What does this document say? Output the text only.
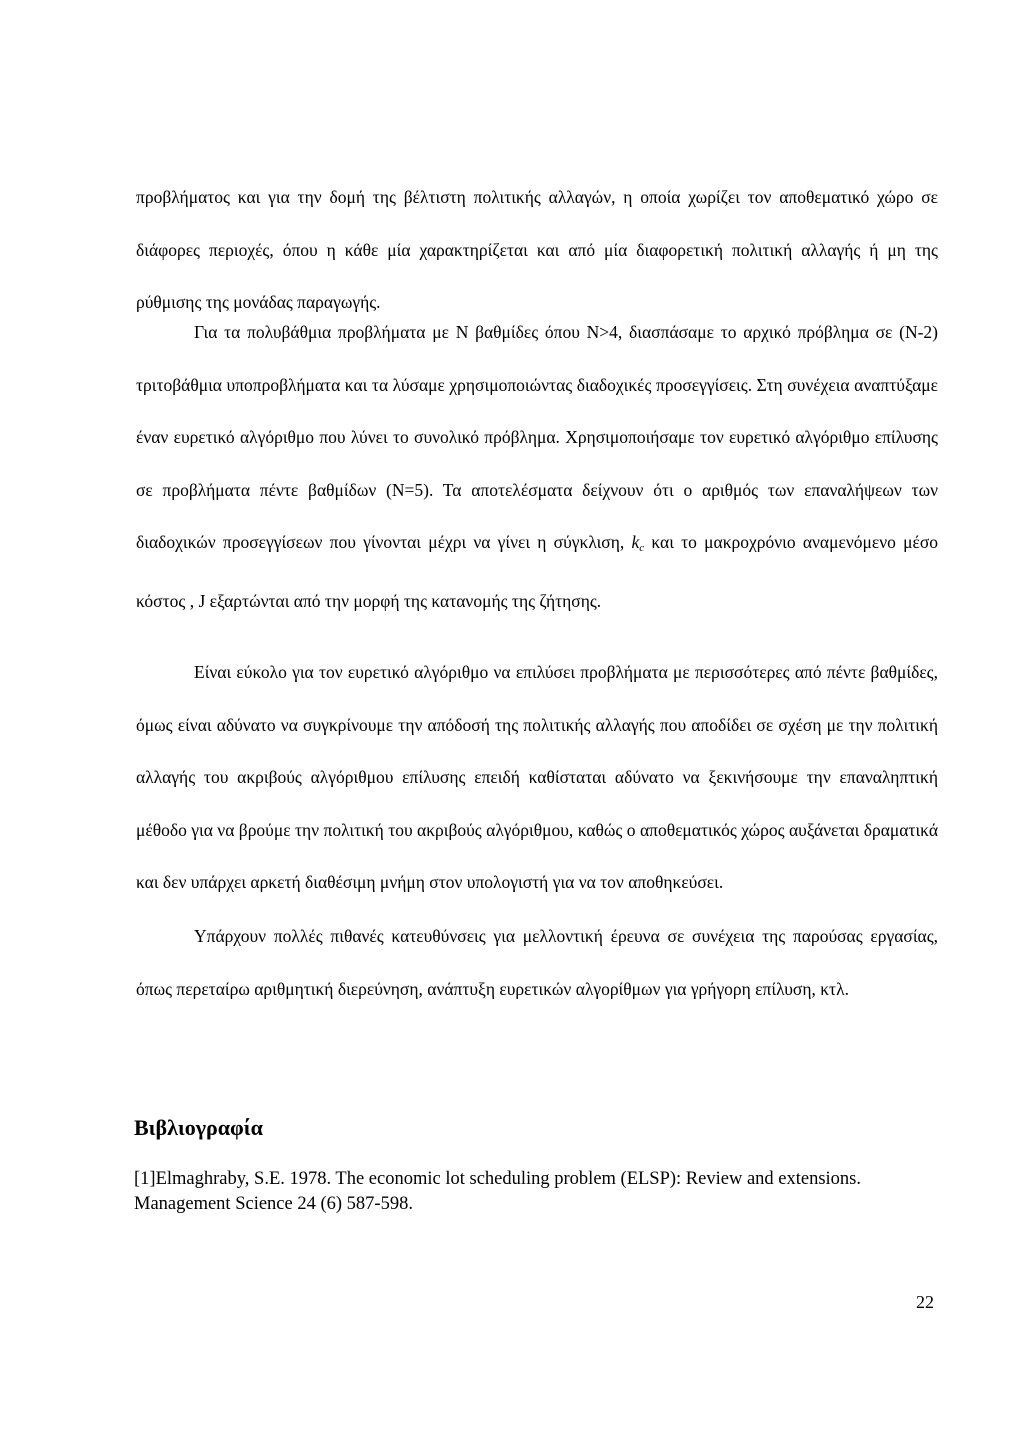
προβλήματος και για την δομή της βέλτιστη πολιτικής αλλαγών, η οποία χωρίζει τον αποθεματικό χώρο σε διάφορες περιοχές, όπου η κάθε μία χαρακτηρίζεται και από μία διαφορετική πολιτική αλλαγής ή μη της ρύθμισης της μονάδας παραγωγής.

Για τα πολυβάθμια προβλήματα με Ν βαθμίδες όπου Ν>4, διασπάσαμε το αρχικό πρόβλημα σε (Ν-2) τριτοβάθμια υποπροβλήματα και τα λύσαμε χρησιμοποιώντας διαδοχικές προσεγγίσεις. Στη συνέχεια αναπτύξαμε έναν ευρετικό αλγόριθμο που λύνει το συνολικό πρόβλημα. Χρησιμοποιήσαμε τον ευρετικό αλγόριθμο επίλυσης σε προβλήματα πέντε βαθμίδων (Ν=5). Τα αποτελέσματα δείχνουν ότι ο αριθμός των επαναλήψεων των διαδοχικών προσεγγίσεων που γίνονται μέχρι να γίνει η σύγκλιση, kc και το μακροχρόνιο αναμενόμενο μέσο κόστος , J εξαρτώνται από την μορφή της κατανομής της ζήτησης.

Είναι εύκολο για τον ευρετικό αλγόριθμο να επιλύσει προβλήματα με περισσότερες από πέντε βαθμίδες, όμως είναι αδύνατο να συγκρίνουμε την απόδοσή της πολιτικής αλλαγής που αποδίδει σε σχέση με την πολιτική αλλαγής του ακριβούς αλγόριθμου επίλυσης επειδή καθίσταται αδύνατο να ξεκινήσουμε την επαναληπτική μέθοδο για να βρούμε την πολιτική του ακριβούς αλγόριθμου, καθώς ο αποθεματικός χώρος αυξάνεται δραματικά και δεν υπάρχει αρκετή διαθέσιμη μνήμη στον υπολογιστή για να τον αποθηκεύσει.

Υπάρχουν πολλές πιθανές κατευθύνσεις για μελλοντική έρευνα σε συνέχεια της παρούσας εργασίας, όπως περεταίρω αριθμητική διερεύνηση, ανάπτυξη ευρετικών αλγορίθμων για γρήγορη επίλυση, κτλ.

Βιβλιογραφία

[1]Elmaghraby, S.E. 1978. The economic lot scheduling problem (ELSP): Review and extensions. Management Science 24 (6) 587-598.

22
